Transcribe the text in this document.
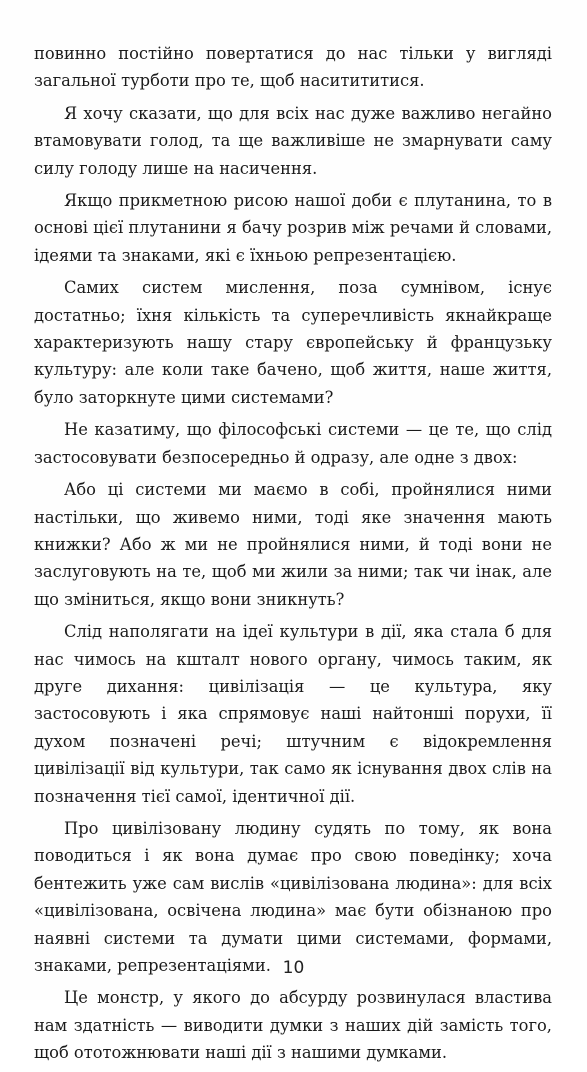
повинно постійно повертатися до нас тільки у вигляді загальної турботи про те, щоб наситититися.

Я хочу сказати, що для всіх нас дуже важливо негайно втамовувати голод, та ще важливіше не змарнувати саму силу голоду лише на насичення.

Якщо прикметною рисою нашої доби є плутанина, то в основі цієї плутанини я бачу розрив між речами й словами, ідеями та знаками, які є їхньою репрезентацією.

Самих систем мислення, поза сумнівом, існує достатньо; їхня кількість та суперечливість якнайкраще характеризують нашу стару європейську й французьку культуру: але коли таке бачено, щоб життя, наше життя, було заторкнуте цими системами?

Не казатиму, що філософські системи — це те, що слід застосовувати безпосередньо й одразу, але одне з двох:

Або ці системи ми маємо в собі, пройнялися ними настільки, що живемо ними, тоді яке значення мають книжки? Або ж ми не пройнялися ними, й тоді вони не заслуговують на те, щоб ми жили за ними; так чи інак, але що зміниться, якщо вони зникнуть?

Слід наполягати на ідеї культури в дії, яка стала б для нас чимось на кшталт нового органу, чимось таким, як друге дихання: цивілізація — це культура, яку застосовують і яка спрямовує наші найтонші порухи, її духом позначені речі; штучним є відокремлення цивілізації від культури, так само як існування двох слів на позначення тієї самої, ідентичної дії.

Про цивілізовану людину судять по тому, як вона поводиться і як вона думає про свою поведінку; хоча бентежить уже сам вислів «цивілізована людина»: для всіх «цивілізована, освічена людина» має бути обізнаною про наявні системи та думати цими системами, формами, знаками, репрезентаціями.

Це монстр, у якого до абсурду розвинулася властива нам здатність — виводити думки з наших дій замість того, щоб ототожнювати наші дії з нашими думками.

10
